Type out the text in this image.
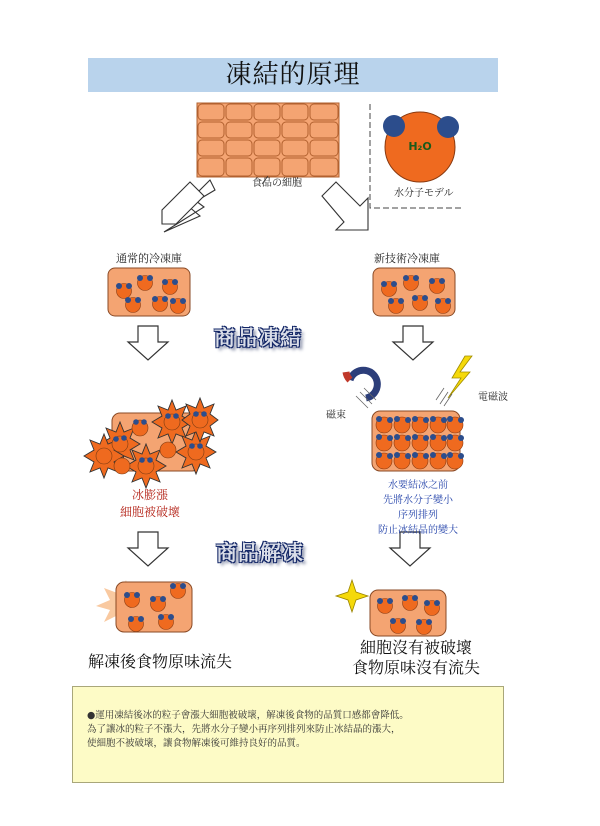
凍結的原理
食品の細胞
H₂O
水分子モデル
通常的冷凍庫	新技術冷凍庫
商品凍結
磁束
電磁波
冰膨漲
細胞被破壞
水要結冰之前
先將水分子變小
序列排列
防止冰結晶的變大
商品解凍
解凍後食物原味流失
細胞沒有被破壞
食物原味沒有流失
●運用凍結後冰的粒子會漲大細胞被破壞，解凍後食物的品質口感都會降低。
為了讓冰的粒子不漲大，先將水分子變小再序列排列來防止冰結晶的漲大，
使細胞不被破壞，讓食物解凍後可維持良好的品質。
